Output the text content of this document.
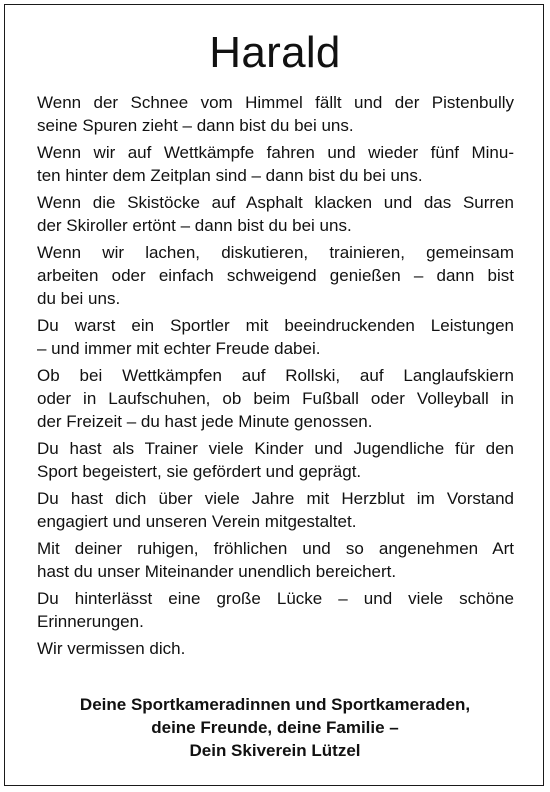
Harald

Wenn der Schnee vom Himmel fällt und der Pistenbully
seine Spuren zieht – dann bist du bei uns.

Wenn wir auf Wettkämpfe fahren und wieder fünf Minu-
ten hinter dem Zeitplan sind – dann bist du bei uns.

Wenn die Skistöcke auf Asphalt klacken und das Surren
der Skiroller ertönt – dann bist du bei uns.

Wenn wir lachen, diskutieren, trainieren, gemeinsam
arbeiten oder einfach schweigend genießen – dann bist
du bei uns.

Du warst ein Sportler mit beeindruckenden Leistungen
– und immer mit echter Freude dabei.

Ob bei Wettkämpfen auf Rollski, auf Langlaufskiern
oder in Laufschuhen, ob beim Fußball oder Volleyball in
der Freizeit – du hast jede Minute genossen.

Du hast als Trainer viele Kinder und Jugendliche für den
Sport begeistert, sie gefördert und geprägt.

Du hast dich über viele Jahre mit Herzblut im Vorstand
engagiert und unseren Verein mitgestaltet.

Mit deiner ruhigen, fröhlichen und so angenehmen Art
hast du unser Miteinander unendlich bereichert.

Du hinterlässt eine große Lücke – und viele schöne
Erinnerungen.

Wir vermissen dich.

Deine Sportkameradinnen und Sportkameraden,
deine Freunde, deine Familie –
Dein Skiverein Lützel
